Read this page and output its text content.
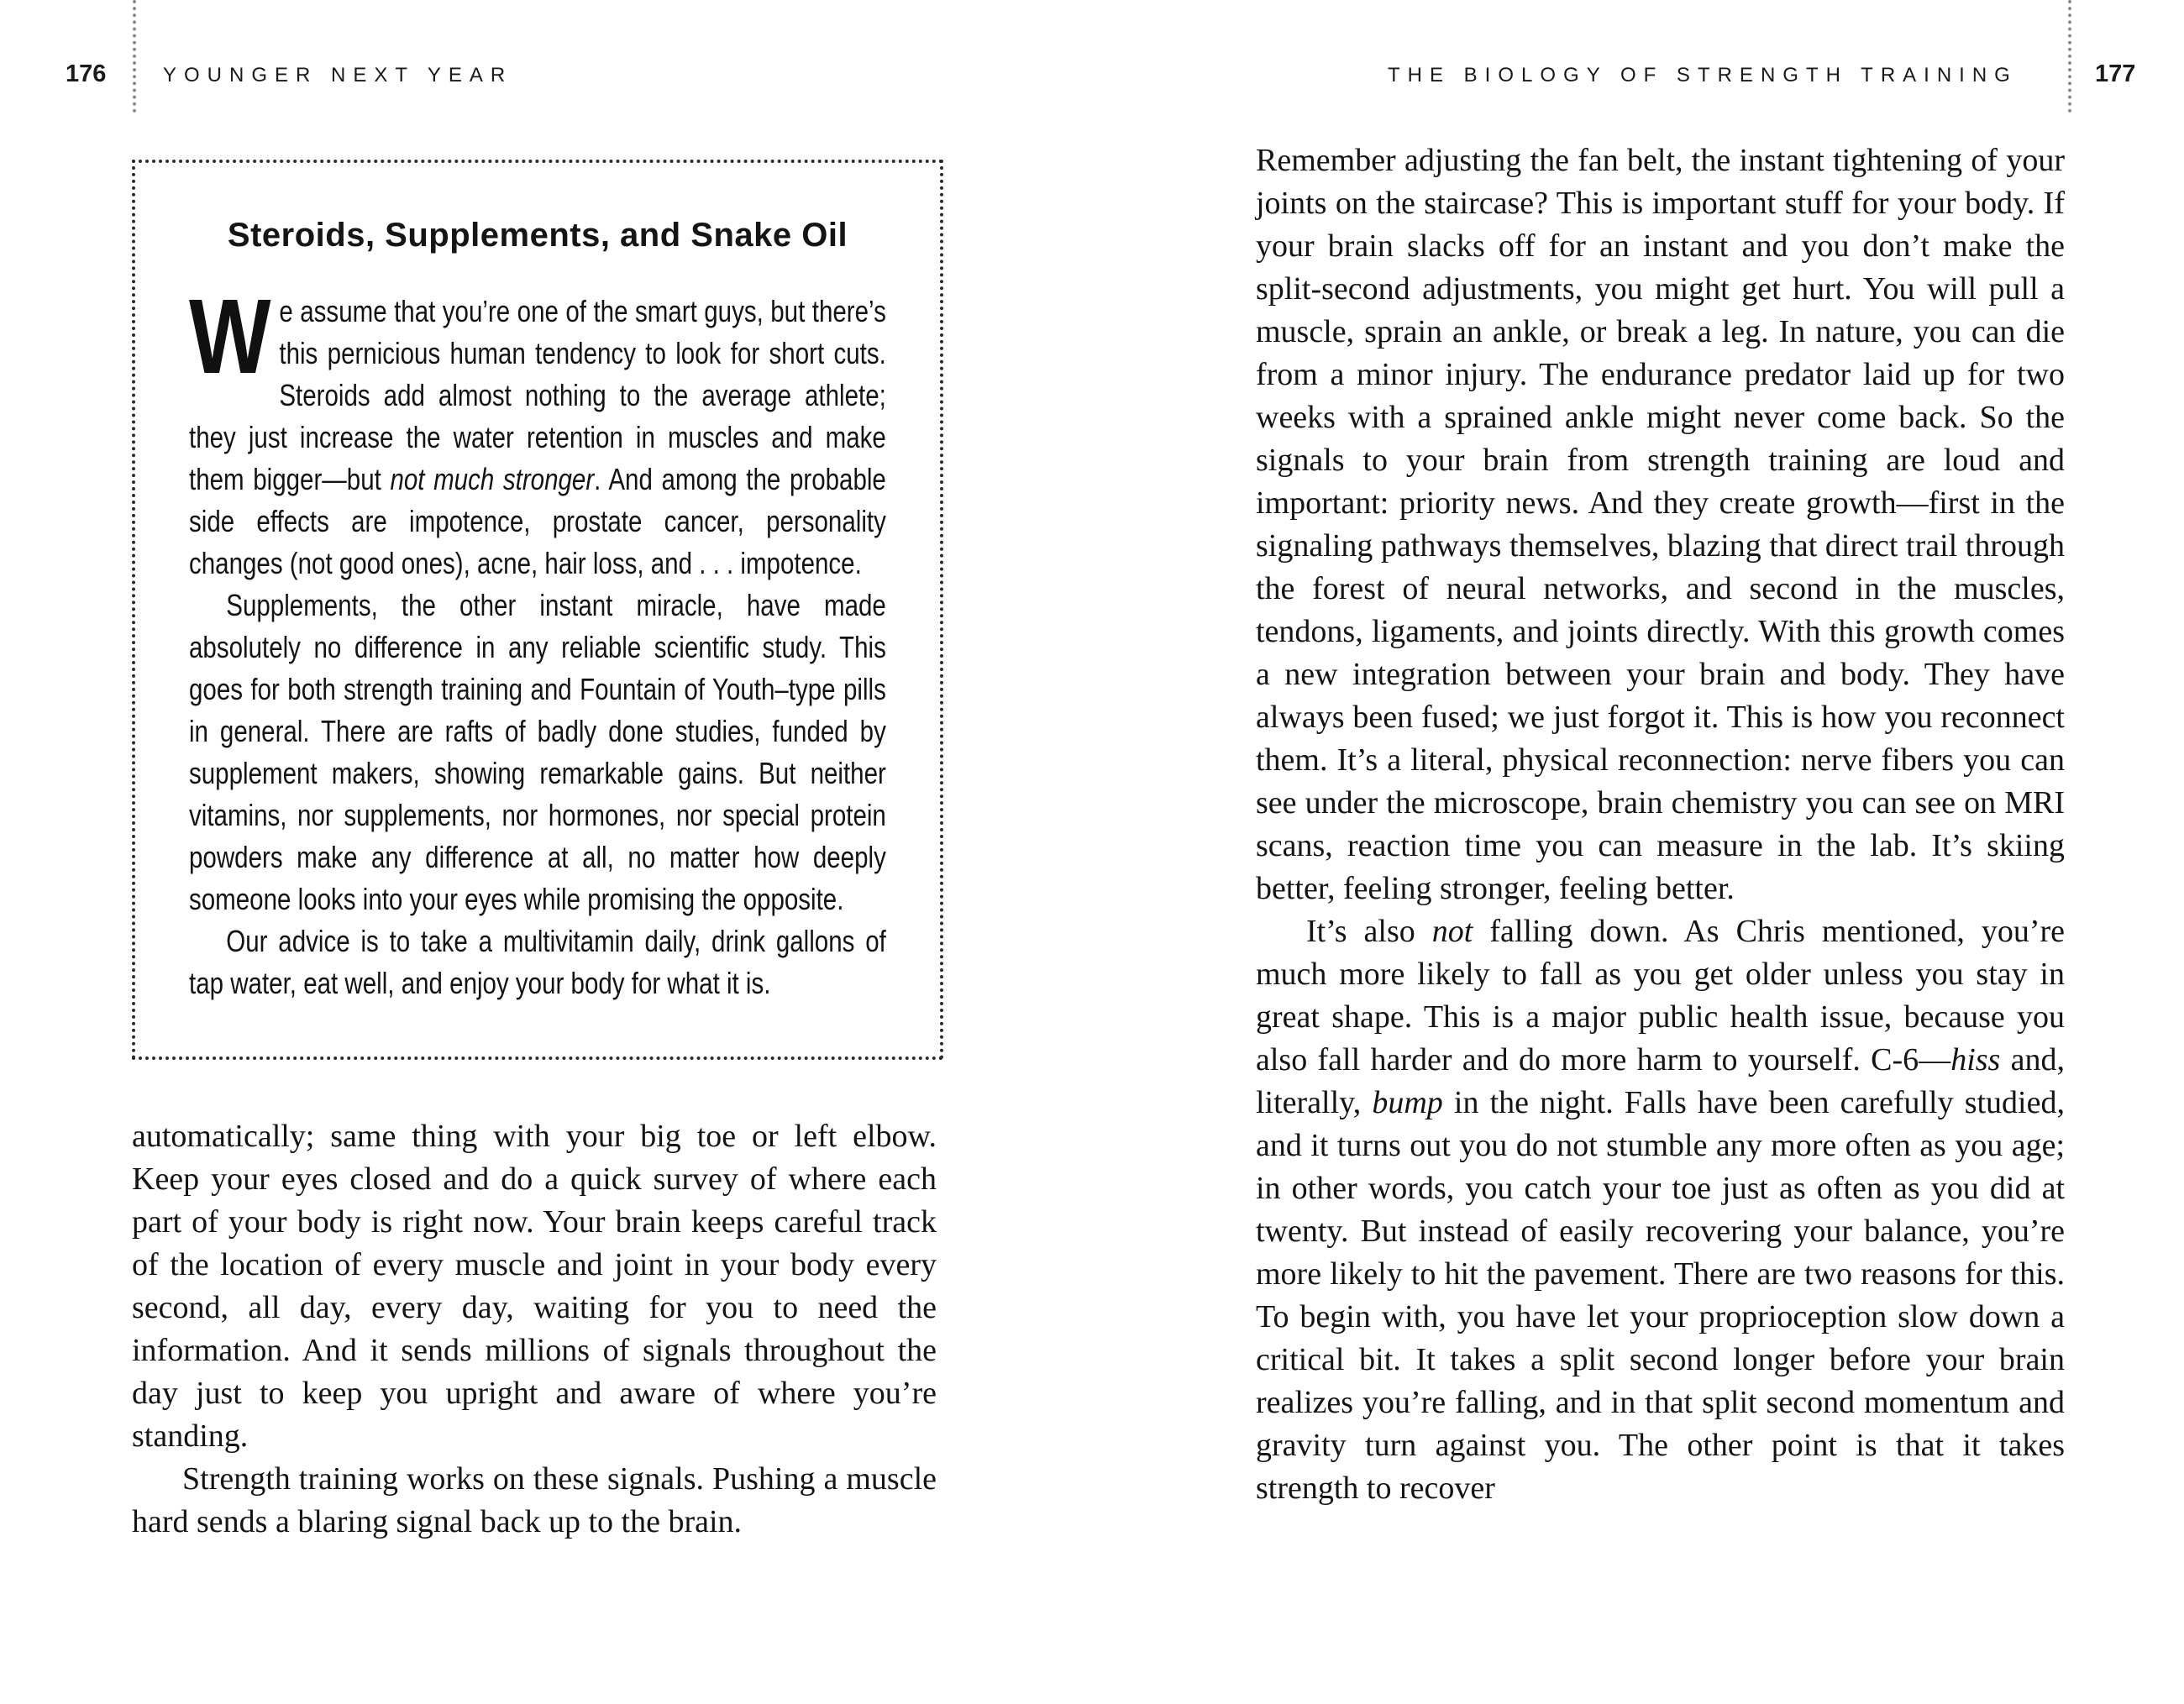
176	YOUNGER NEXT YEAR	THE BIOLOGY OF STRENGTH TRAINING	177
Steroids, Supplements, and Snake Oil

We assume that you’re one of the smart guys, but there’s this pernicious human tendency to look for short cuts. Steroids add almost nothing to the average athlete; they just increase the water retention in muscles and make them bigger—but not much stronger. And among the probable side effects are impotence, prostate cancer, personality changes (not good ones), acne, hair loss, and . . . impotence.

Supplements, the other instant miracle, have made absolutely no difference in any reliable scientific study. This goes for both strength training and Fountain of Youth–type pills in general. There are rafts of badly done studies, funded by supplement makers, showing remarkable gains. But neither vitamins, nor supplements, nor hormones, nor special protein powders make any difference at all, no matter how deeply someone looks into your eyes while promising the opposite.

Our advice is to take a multivitamin daily, drink gallons of tap water, eat well, and enjoy your body for what it is.

automatically; same thing with your big toe or left elbow. Keep your eyes closed and do a quick survey of where each part of your body is right now. Your brain keeps careful track of the location of every muscle and joint in your body every second, all day, every day, waiting for you to need the information. And it sends millions of signals throughout the day just to keep you upright and aware of where you’re standing.

Strength training works on these signals. Pushing a muscle hard sends a blaring signal back up to the brain.

Remember adjusting the fan belt, the instant tightening of your joints on the staircase? This is important stuff for your body. If your brain slacks off for an instant and you don’t make the split-second adjustments, you might get hurt. You will pull a muscle, sprain an ankle, or break a leg. In nature, you can die from a minor injury. The endurance predator laid up for two weeks with a sprained ankle might never come back. So the signals to your brain from strength training are loud and important: priority news. And they create growth—first in the signaling pathways themselves, blazing that direct trail through the forest of neural networks, and second in the muscles, tendons, ligaments, and joints directly. With this growth comes a new integration between your brain and body. They have always been fused; we just forgot it. This is how you reconnect them. It’s a literal, physical reconnection: nerve fibers you can see under the microscope, brain chemistry you can see on MRI scans, reaction time you can measure in the lab. It’s skiing better, feeling stronger, feeling better.

It’s also not falling down. As Chris mentioned, you’re much more likely to fall as you get older unless you stay in great shape. This is a major public health issue, because you also fall harder and do more harm to yourself. C-6—hiss and, literally, bump in the night. Falls have been carefully studied, and it turns out you do not stumble any more often as you age; in other words, you catch your toe just as often as you did at twenty. But instead of easily recovering your balance, you’re more likely to hit the pavement. There are two reasons for this. To begin with, you have let your proprioception slow down a critical bit. It takes a split second longer before your brain realizes you’re falling, and in that split second momentum and gravity turn against you. The other point is that it takes strength to recover
